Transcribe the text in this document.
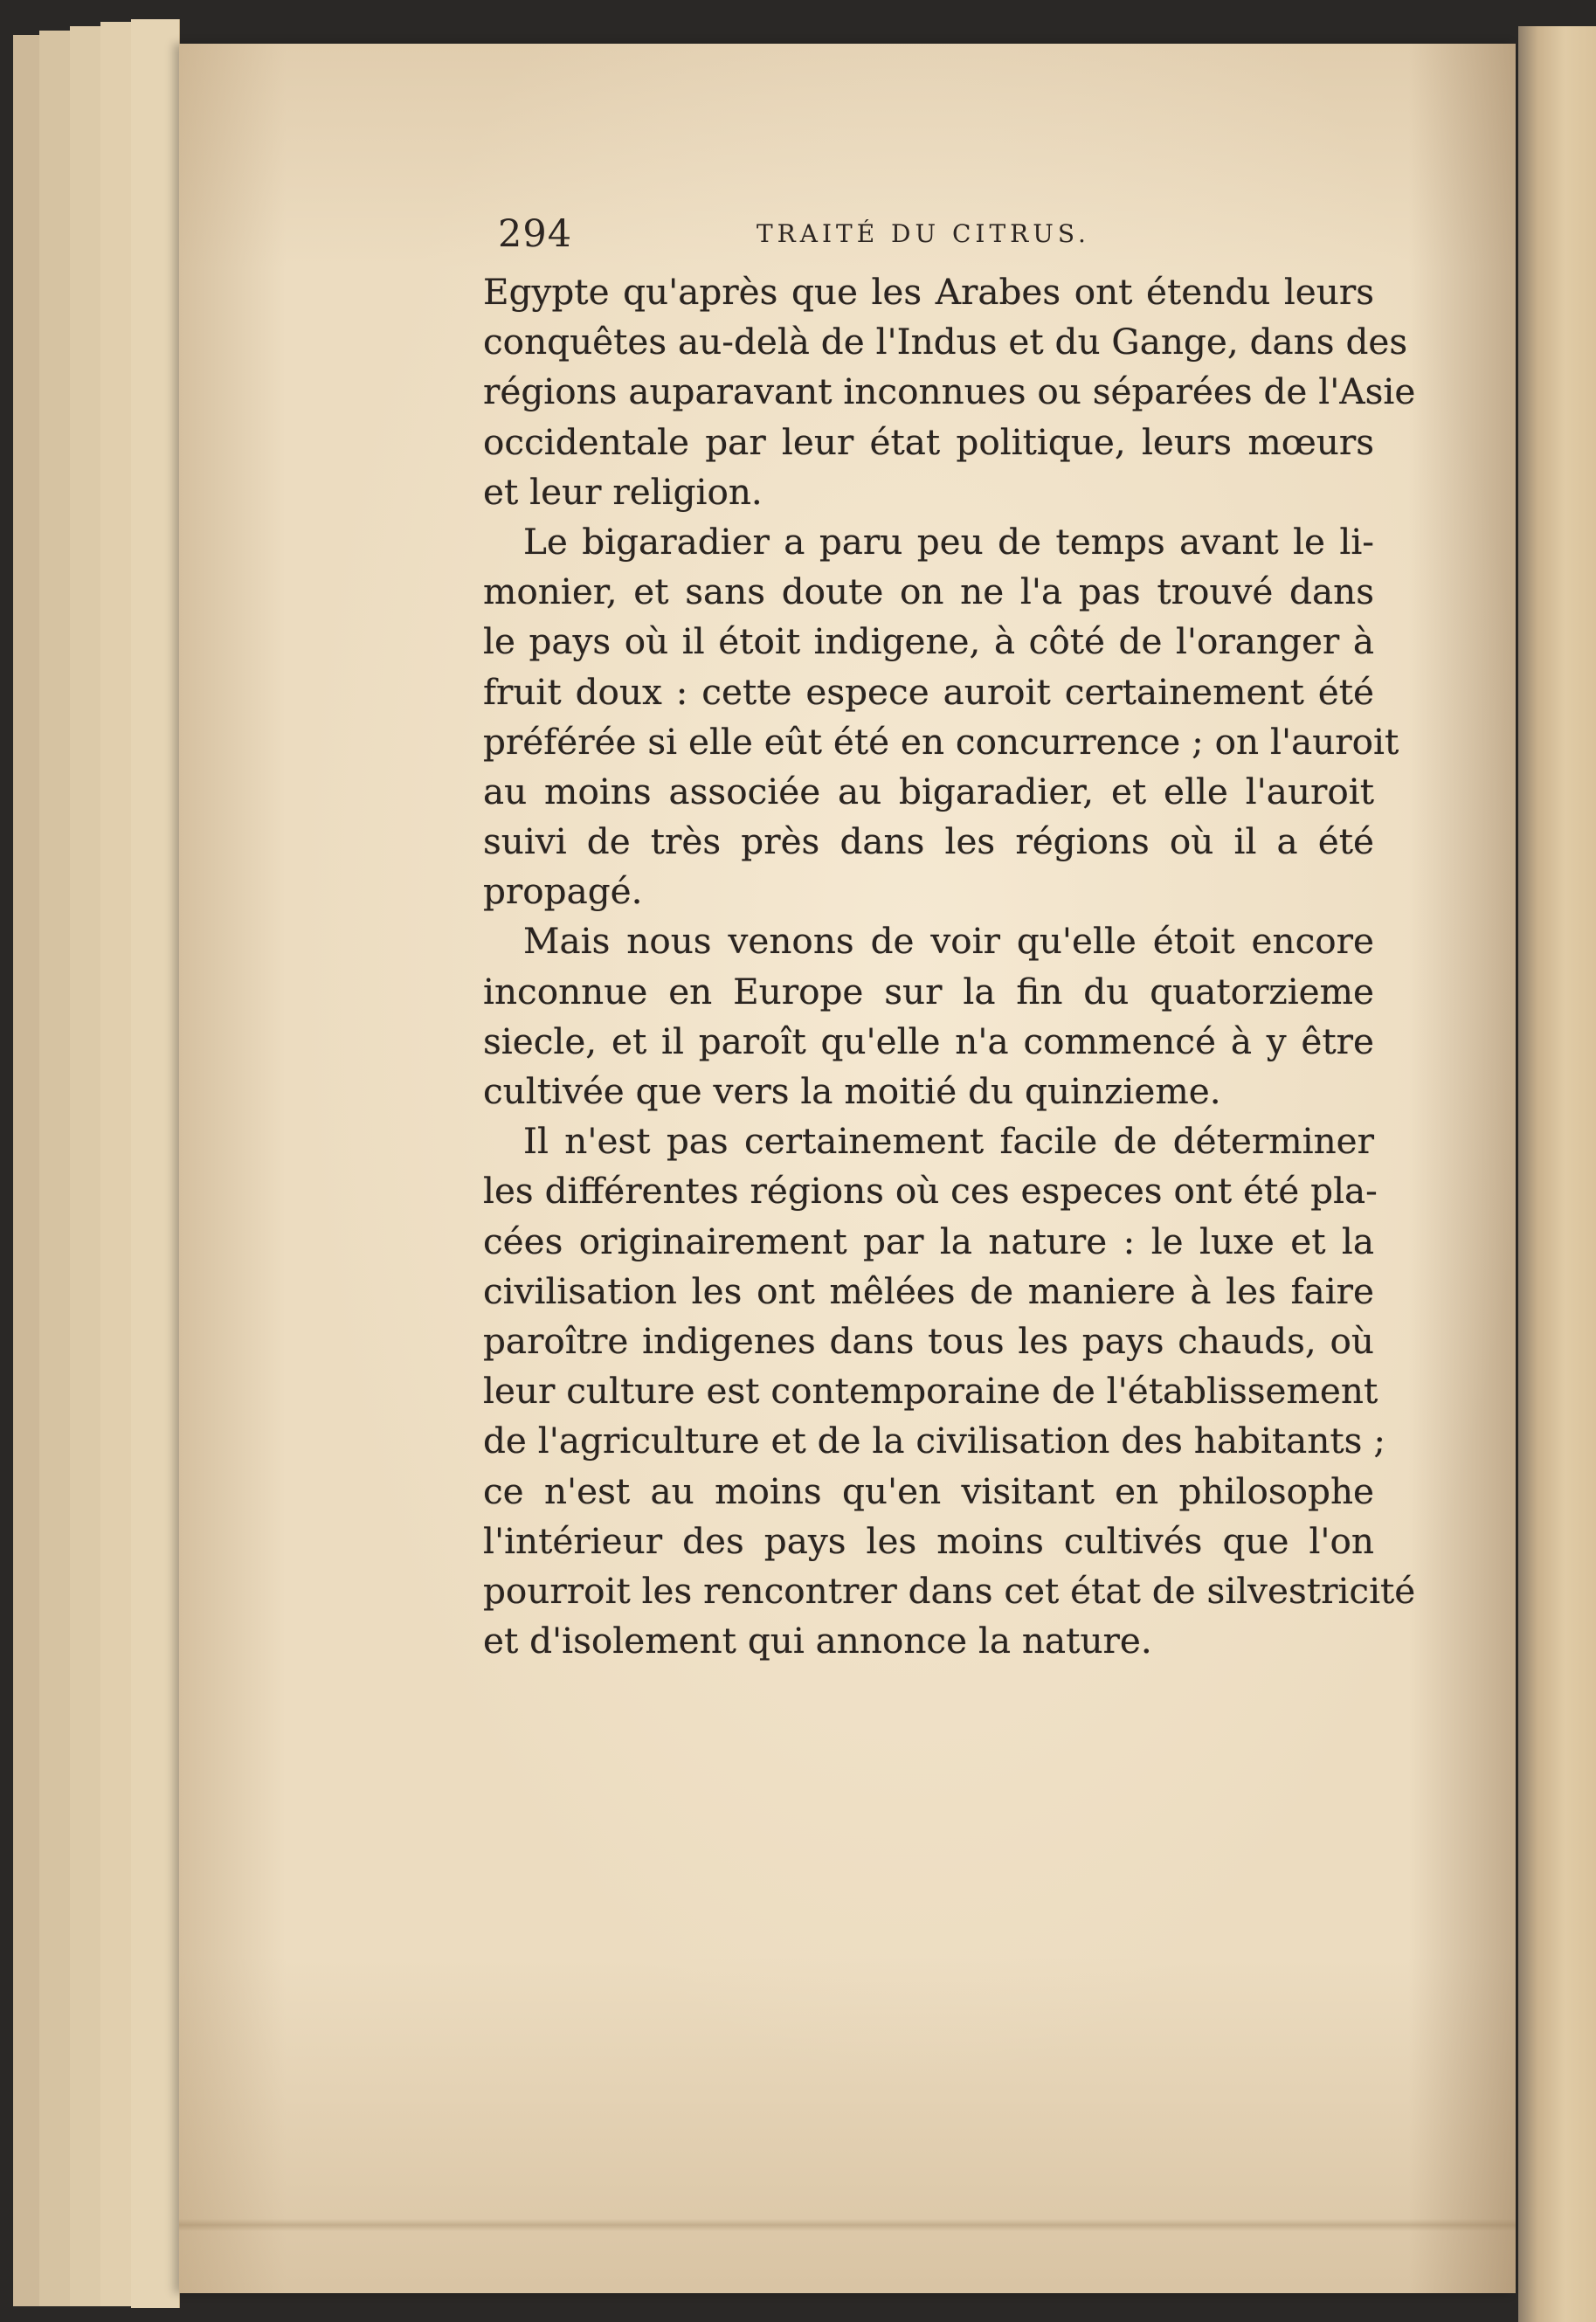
294	TRAITÉ DU CITRUS.
Egypte qu'après que les Arabes ont étendu leurs
conquêtes au-delà de l'Indus et du Gange, dans des
régions auparavant inconnues ou séparées de l'Asie
occidentale par leur état politique, leurs mœurs
et leur religion.
Le bigaradier a paru peu de temps avant le li-
monier, et sans doute on ne l'a pas trouvé dans
le pays où il étoit indigene, à côté de l'oranger à
fruit doux : cette espece auroit certainement été
préférée si elle eût été en concurrence ; on l'auroit
au moins associée au bigaradier, et elle l'auroit
suivi de très près dans les régions où il a été
propagé.
Mais nous venons de voir qu'elle étoit encore
inconnue en Europe sur la fin du quatorzieme
siecle, et il paroît qu'elle n'a commencé à y être
cultivée que vers la moitié du quinzieme.
Il n'est pas certainement facile de déterminer
les différentes régions où ces especes ont été pla-
cées originairement par la nature : le luxe et la
civilisation les ont mêlées de maniere à les faire
paroître indigenes dans tous les pays chauds, où
leur culture est contemporaine de l'établissement
de l'agriculture et de la civilisation des habitants ;
ce n'est au moins qu'en visitant en philosophe
l'intérieur des pays les moins cultivés que l'on
pourroit les rencontrer dans cet état de silvestricité
et d'isolement qui annonce la nature.
